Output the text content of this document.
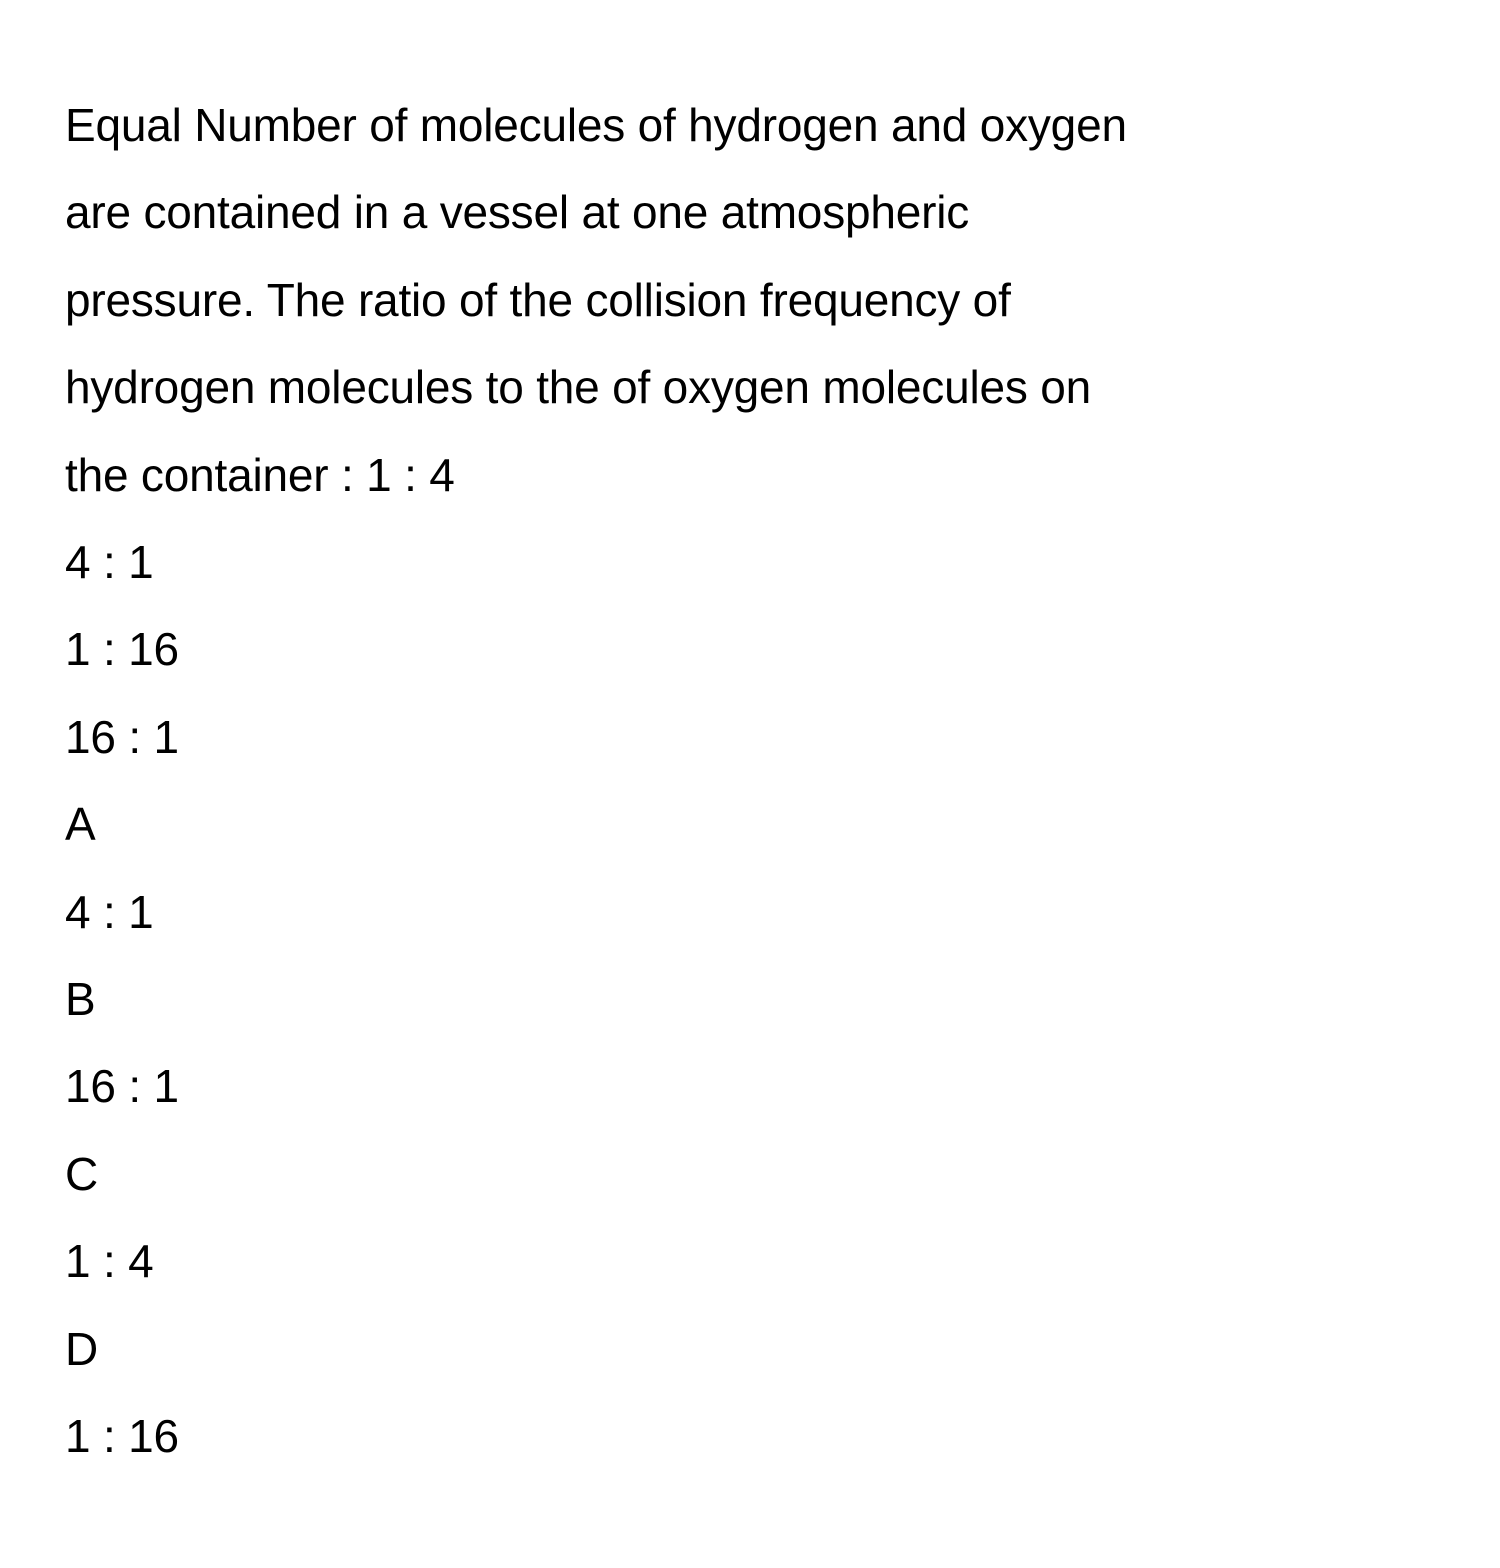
Equal Number of molecules of hydrogen and oxygen
are contained in a vessel at one atmospheric
pressure. The ratio of the collision frequency of
hydrogen molecules to the of oxygen molecules on
the container : 1 : 4

4 : 1
1 : 16
16 : 1
A
4 : 1
B
16 : 1
C
1 : 4
D
1 : 16
